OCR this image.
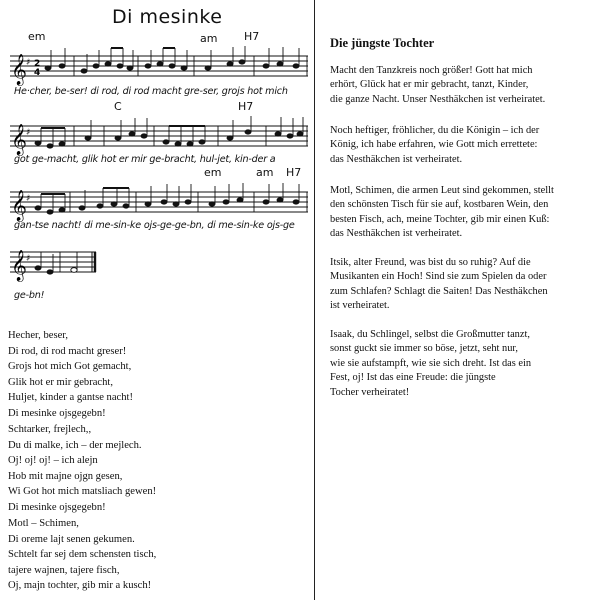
Di mesinke
em	am H7
𝄞 ♯ 2
4
He·cher, be-ser! di rod, di rod macht gre-ser, grojs hot mich
C	H7
𝄞 ♯
got ge-macht, glik hot er mir ge-bracht, hul-jet, kin-der a
em	am H7
𝄞 ♯
gan-tse nacht! di me-sin-ke ojs-ge-ge-bn, di me-sin-ke ojs-ge
𝄞 ♯
ge-bn!
Hecher, beser,
Di rod, di rod macht greser!
Grojs hot mich Got gemacht,
Glik hot er mir gebracht,
Huljet, kinder a gantse nacht!
Di mesinke ojsgegebn!
Schtarker, frejlech,,
Du di malke, ich – der mejlech.
Oj! oj! oj! – ich alejn
Hob mit majne ojgn gesen,
Wi Got hot mich matsliach gewen!
Di mesinke ojsgegebn!
Motl – Schimen,
Di oreme lajt senen gekumen.
Schtelt far sej dem schensten tisch,
tajere wajnen, tajere fisch,
Oj, majn tochter, gib mir a kusch!
Die jüngste Tochter
Macht den Tanzkreis noch größer! Gott hat mich
erhört, Glück hat er mir gebracht, tanzt, Kinder,
die ganze Nacht. Unser Nesthäkchen ist verheiratet.
Noch heftiger, fröhlicher, du die Königin – ich der
König, ich habe erfahren, wie Gott mich errettete:
das Nesthäkchen ist verheiratet.
Motl, Schimen, die armen Leut sind gekommen, stellt
den schönsten Tisch für sie auf, kostbaren Wein, den
besten Fisch, ach, meine Tochter, gib mir einen Kuß:
das Nesthäkchen ist verheiratet.
Itsik, alter Freund, was bist du so ruhig? Auf die
Musikanten ein Hoch! Sind sie zum Spielen da oder
zum Schlafen? Schlagt die Saiten! Das Nesthäkchen
ist verheiratet.
Isaak, du Schlingel, selbst die Großmutter tanzt,
sonst guckt sie immer so böse, jetzt, seht nur,
wie sie aufstampft, wie sie sich dreht. Ist das ein
Fest, oj! Ist das eine Freude: die jüngste
Tocher verheiratet!
